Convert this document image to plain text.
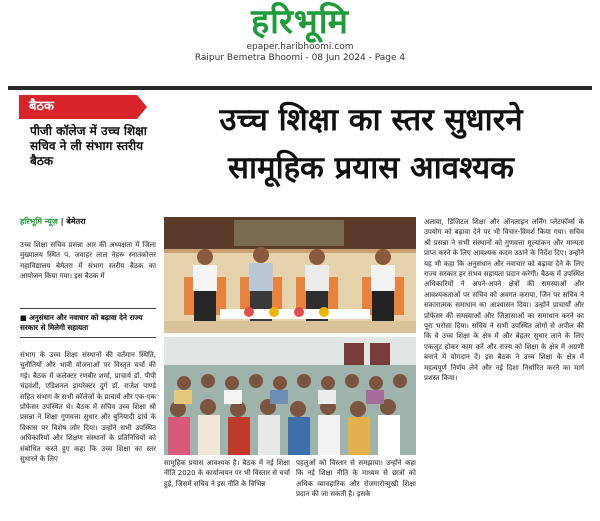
हरिभूमि
epaper.haribhoomi.com
Raipur Bemetra Bhoomi - 08 Jun 2024 - Page 4
बैठक
पीजी कॉलेज में उच्च शिक्षा सचिव ने ली संभाग स्तरीय बैठक
उच्च शिक्षा का स्तर सुधारने
सामूहिक प्रयास आवश्यक
हरिभूमि न्यूज़ | बेमेतरा
उच्च शिक्षा सचिव प्रसन्ना आर की अध्यक्षता में जिला मुख्यालय स्थित पं. जवाहर लाल नेहरू स्नातकोत्तर महाविद्यालय बेमेतरा में संभाग स्तरीय बैठक का आयोजन किया गया। इस बैठक में
■ अनुसंधान और नवाचार को बढ़ावा देने राज्य सरकार से मिलेगी सहायता
संभाग के उच्च शिक्षा संस्थानों की वर्तमान स्थिति, चुनौतियों और भावी योजनाओं पर विस्तृत चर्चा की गई। बैठक में कलेक्टर रणबीर शर्मा, प्राचार्य डॉ. पीपी चंद्रवंशी, एडिशनल डायरेक्टर दुर्ग डॉ. राजेश पाण्डे सहित संभाग के सभी कॉलेजों के प्राचार्य और एक-एक प्रोफेसर उपस्थित थे। बैठक में सचिव उच्च शिक्षा श्री प्रसन्ना ने शिक्षा गुणवत्ता सुधार और बुनियादी ढांचे के विकास पर विशेष जोर दिया। उन्होंने सभी उपस्थित अधिकारियों और शिक्षण संस्थानों के प्रतिनिधियों को संबोधित करते हुए कहा कि उच्च शिक्षा का स्तर सुधारने के लिए	सामूहिक प्रयास आवश्यक है। बैठक में नई शिक्षा नीति 2020 के कार्यान्वयन पर भी विस्तार से चर्चा हुई, जिसमें सचिव ने इस नीति के विभिन्न
पहलुओं को विस्तार से समझाया। उन्होंने कहा कि नई शिक्षा नीति के माध्यम से छात्रों को अधिक व्यावहारिक और रोजगारोन्मुखी शिक्षा प्रदान की जा सकती है। इसके
अलावा, डिजिटल शिक्षा और ऑनलाइन लर्निंग प्लेटफॉर्म्स के उपयोग को बढ़ावा देने पर भी विचार-विमर्श किया गया। सचिव श्री प्रसन्ना ने सभी संस्थानों को गुणवत्ता मूल्यांकन और मान्यता प्राप्त करने के लिए आवश्यक कदम उठाने के निर्देश दिए। उन्होंने यह भी कहा कि अनुसंधान और नवाचार को बढ़ावा देने के लिए राज्य सरकार हर संभव सहायता प्रदान करेगी। बैठक में उपस्थित अधिकारियों ने अपने-अपने क्षेत्रों की समस्याओं और आवश्यकताओं पर सचिव को अवगत कराया, जिन पर सचिव ने सकारात्मक समाधान का आश्वासन दिया। उन्होंने प्राचार्यों और प्रोफेसर की समस्याओं और जिज्ञासाओं का समाधान करने का पूरा भरोसा दिया। सचिव ने सभी उपस्थित लोगों से अपील की कि वे उच्च शिक्षा के क्षेत्र में और बेहतर सुधार लाने के लिए एकजुट होकर काम करें और राज्य को शिक्षा के क्षेत्र में अग्रणी बनाने में योगदान दें। इस बैठक ने उच्च शिक्षा के क्षेत्र में महत्वपूर्ण निर्णय लेने और नई दिशा निर्धारित करने का मार्ग प्रशस्त किया।
